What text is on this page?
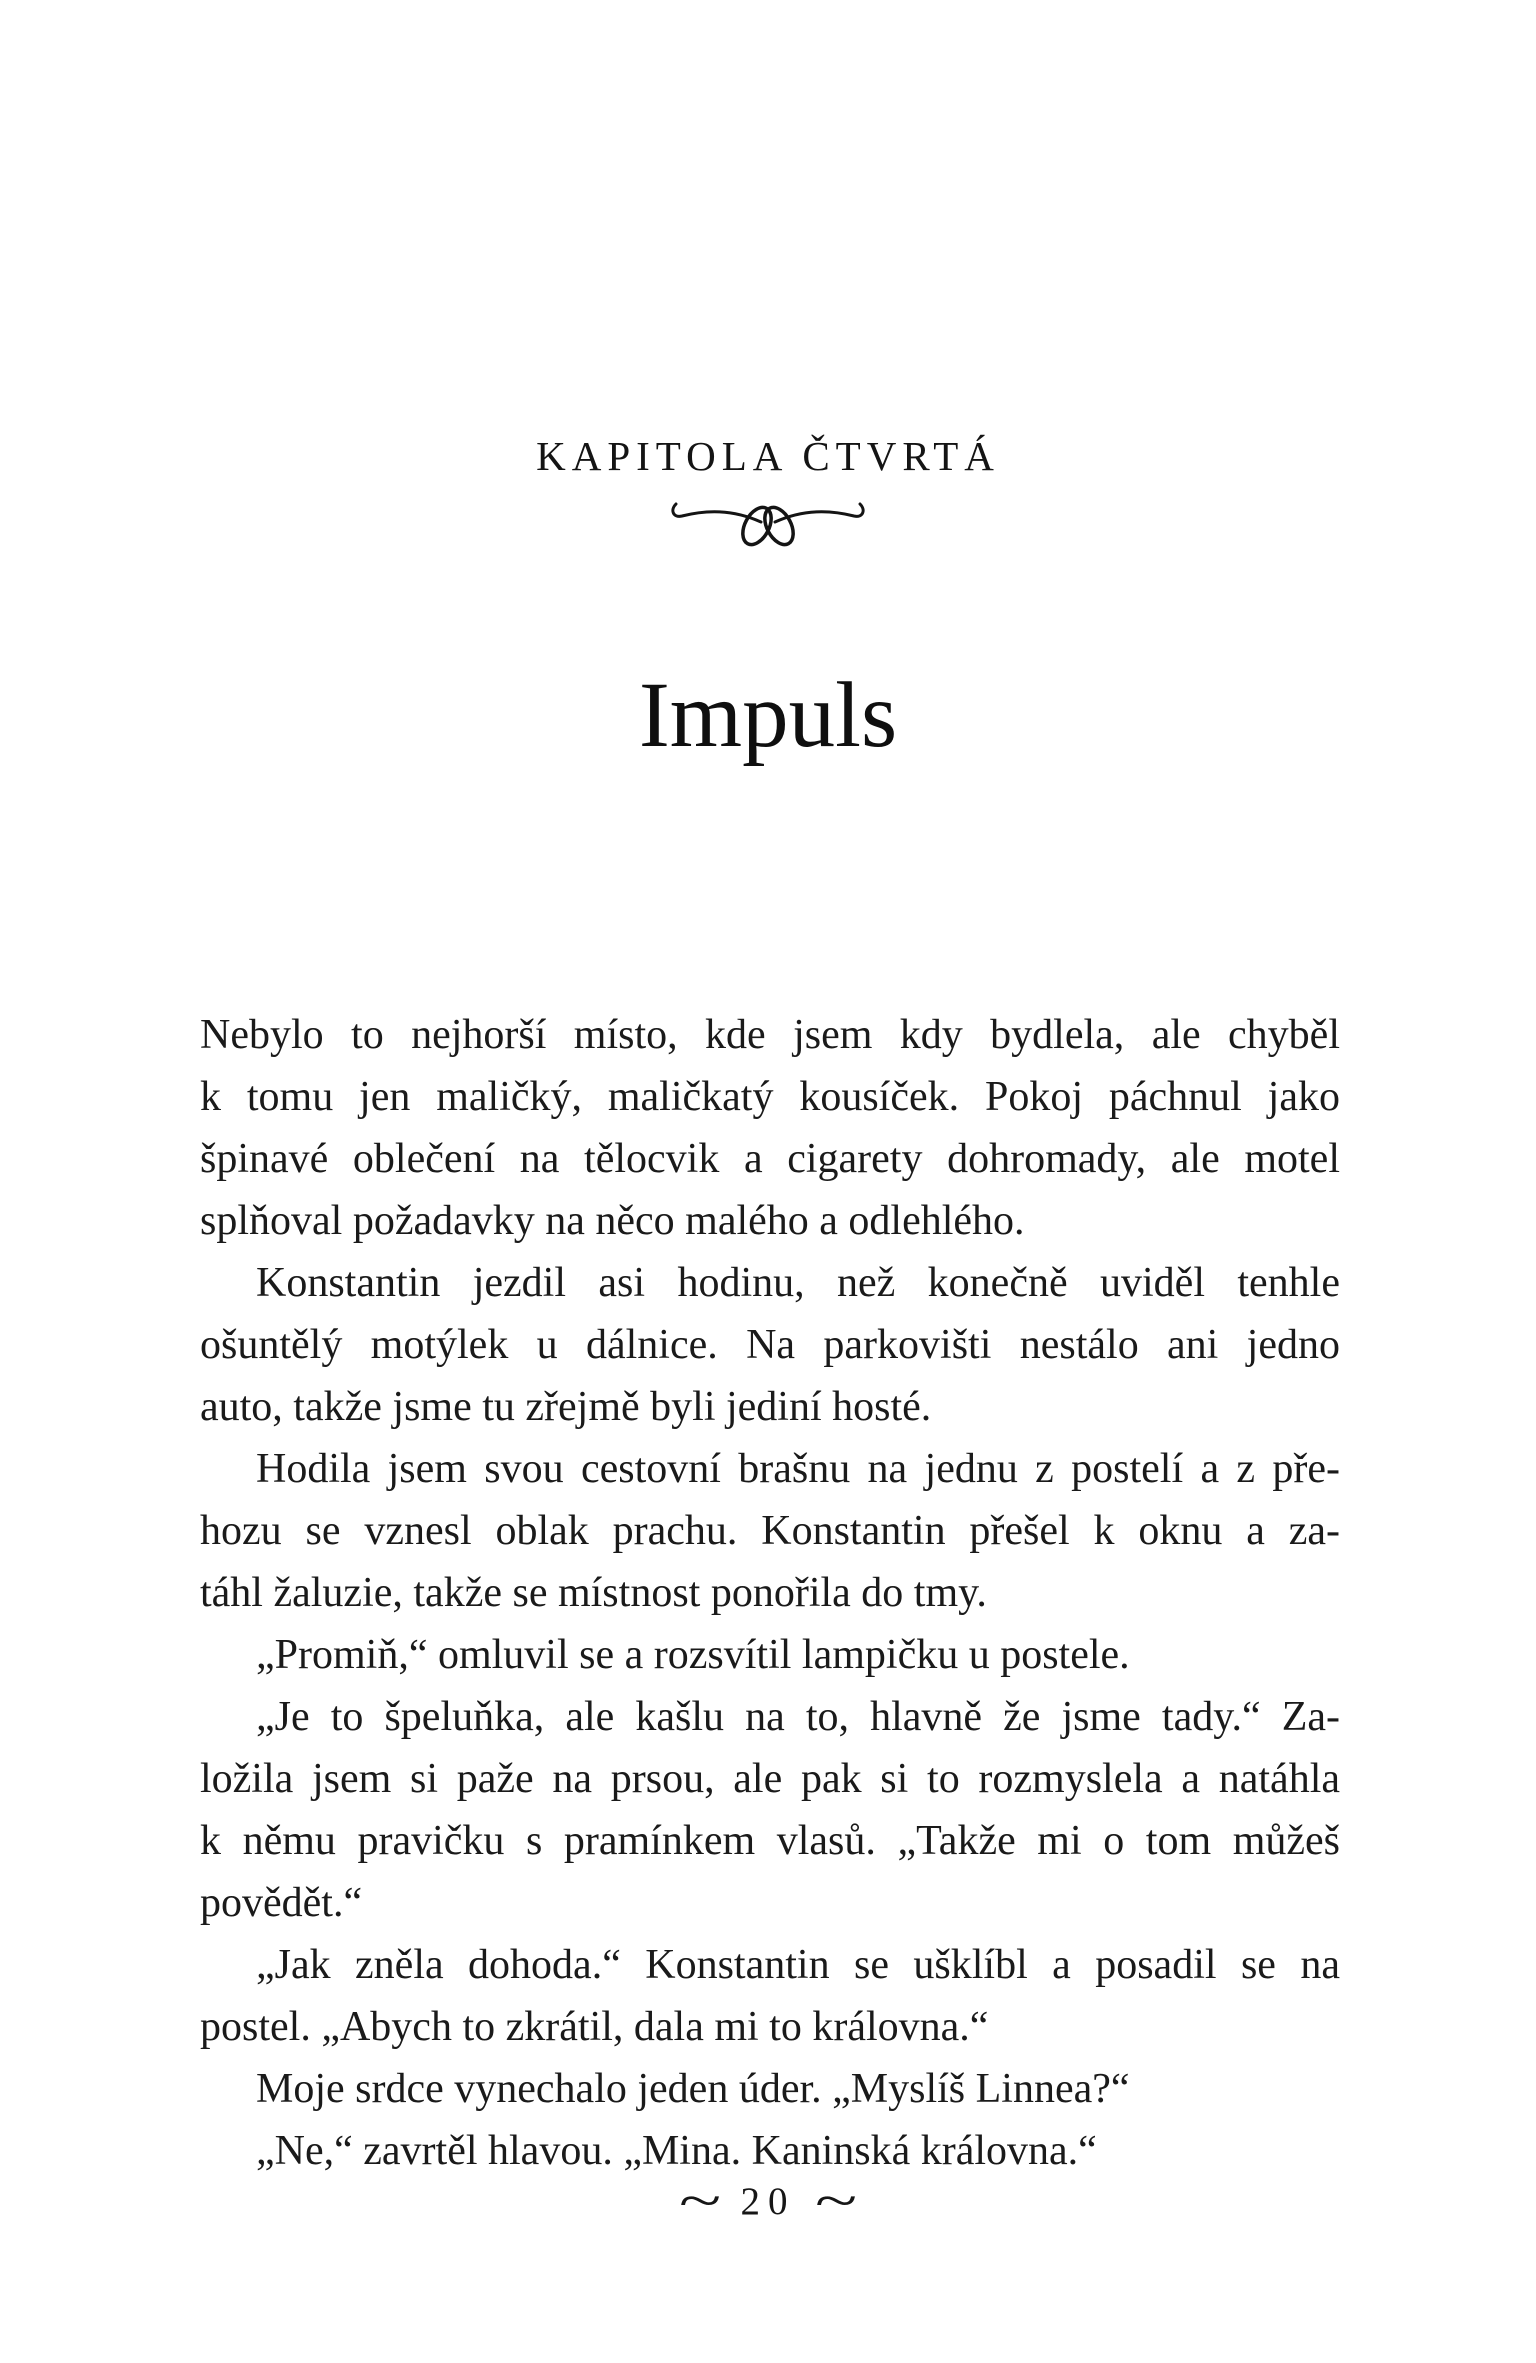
KAPITOLA ČTVRTÁ
Impuls
Nebylo to nejhorší místo, kde jsem kdy bydlela, ale chyběl
k tomu jen maličký, maličkatý kousíček. Pokoj páchnul jako
špinavé oblečení na tělocvik a cigarety dohromady, ale motel
splňoval požadavky na něco malého a odlehlého.
Konstantin jezdil asi hodinu, než konečně uviděl tenhle
ošuntělý motýlek u dálnice. Na parkovišti nestálo ani jedno
auto, takže jsme tu zřejmě byli jediní hosté.
Hodila jsem svou cestovní brašnu na jednu z postelí a z pře-
hozu se vznesl oblak prachu. Konstantin přešel k oknu a za-
táhl žaluzie, takže se místnost ponořila do tmy.
„Promiň,“ omluvil se a rozsvítil lampičku u postele.
„Je to špeluňka, ale kašlu na to, hlavně že jsme tady.“ Za-
ložila jsem si paže na prsou, ale pak si to rozmyslela a natáhla
k němu pravičku s pramínkem vlasů. „Takže mi o tom můžeš
povědět.“
„Jak zněla dohoda.“ Konstantin se ušklíbl a posadil se na
postel. „Abych to zkrátil, dala mi to královna.“
Moje srdce vynechalo jeden úder. „Myslíš Linnea?“
„Ne,“ zavrtěl hlavou. „Mina. Kaninská královna.“
~ 20 ~
